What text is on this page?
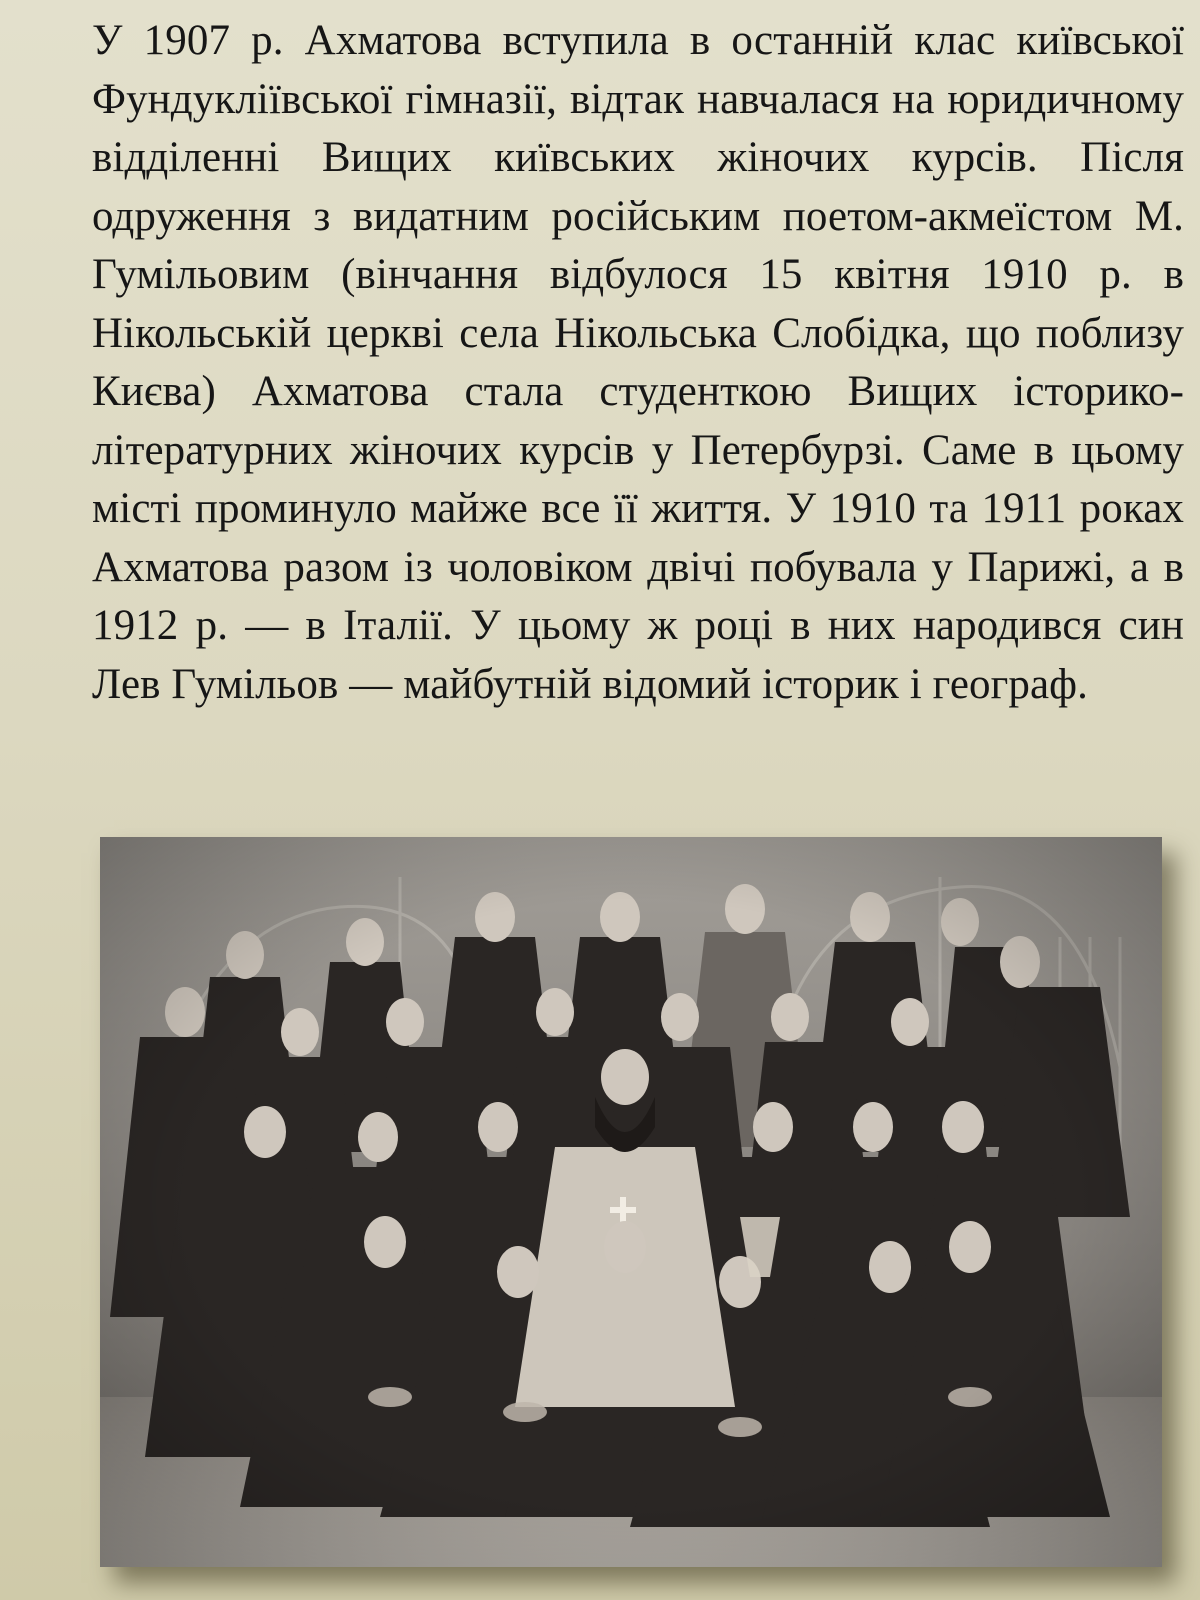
У 1907 р. Ахматова вступила в останній клас київської Фундуклiївської гімназії, відтак навчалася на юридичному відділенні Вищих київських жіночих курсів. Після одруження з видатним російським поетом-акмеїстом М. Гумільовим (вінчання відбулося 15 квітня 1910 р. в Нікольській церкві села Нікольська Слобідка, що поблизу Києва) Ахматова стала студенткою Вищих історико-літературних жіночих курсів у Петербурзі. Саме в цьому місті проминуло майже все її життя. У 1910 та 1911 роках Ахматова разом із чоловіком двічі побувала у Парижі, а в 1912 р. — в Італії. У цьому ж році в них народився син Лев Гумільов — майбутній відомий історик і географ.
